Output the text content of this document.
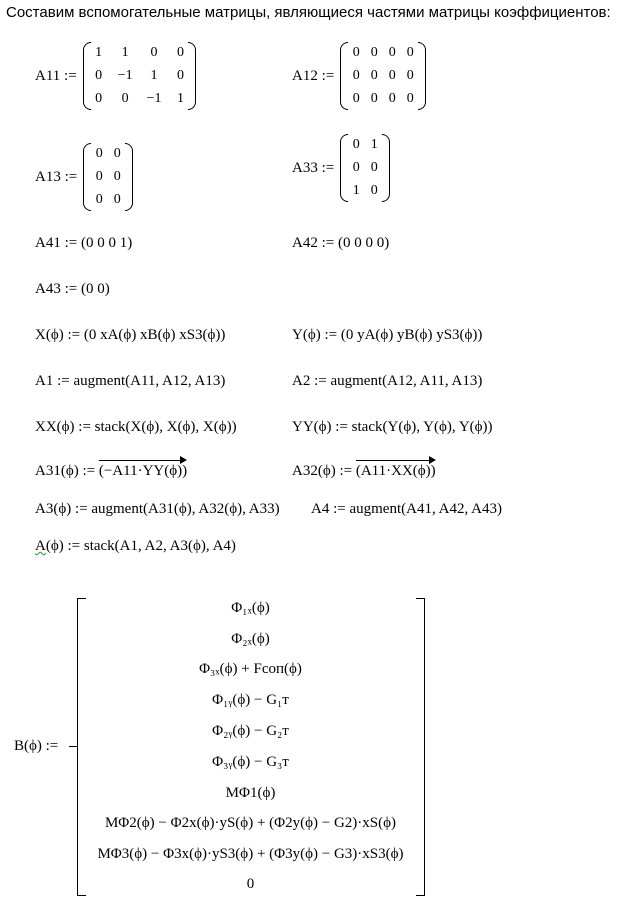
Составим вспомогательные матрицы, являющиеся частями матрицы коэффициентов:
A11 :=
1 1 0 0
0 −1 1 0
0 0 −1 1
A12 :=
0 0 0 0
0 0 0 0
0 0 0 0
A13 :=
0 0
0 0
0 0
A33 :=
0 1
0 0
1 0
A41 := (0 0 0 1)	A42 := (0 0 0 0)
A43 := (0 0)
X(ϕ) := (0 xA(ϕ) xB(ϕ) xS3(ϕ))	Y(ϕ) := (0 yA(ϕ) yB(ϕ) yS3(ϕ))
A1 := augment(A11, A12, A13)	A2 := augment(A12, A11, A13)
XX(ϕ) := stack(X(ϕ), X(ϕ), X(ϕ))	YY(ϕ) := stack(Y(ϕ), Y(ϕ), Y(ϕ))
A31(ϕ) := (−A11·YY(ϕ))	A32(ϕ) := (A11·XX(ϕ))
A3(ϕ) := augment(A31(ϕ), A32(ϕ), A33) A4 := augment(A41, A42, A43)
A(ϕ) := stack(A1, A2, A3(ϕ), A4)
B(ϕ) :=
Φ₁ₓ(ϕ)
Φ₂ₓ(ϕ)
Φ₃ₓ(ϕ) + Fсоп(ϕ)
Φ₁ᵧ(ϕ) − G₁т
Φ₂ᵧ(ϕ) − G₂т
Φ₃ᵧ(ϕ) − G₃т
MΦ1(ϕ)
MΦ2(ϕ) − Φ2x(ϕ)·yS(ϕ) + (Φ2y(ϕ) − G2)·xS(ϕ)
MΦ3(ϕ) − Φ3x(ϕ)·yS3(ϕ) + (Φ3y(ϕ) − G3)·xS3(ϕ)
0
